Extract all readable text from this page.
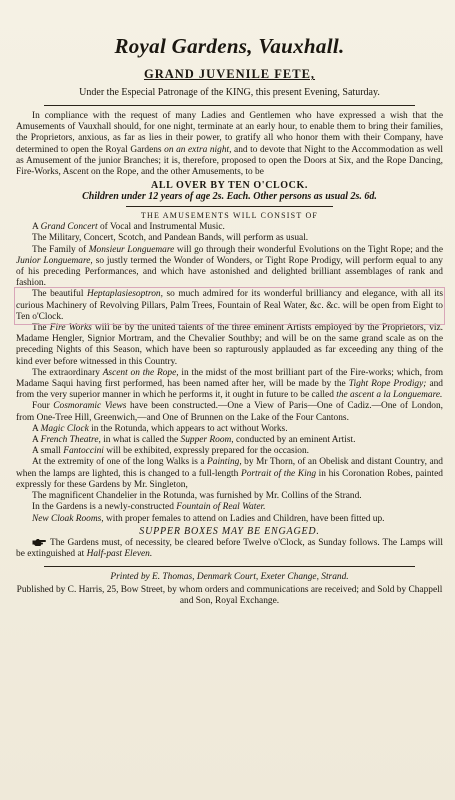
Royal Gardens, Vauxhall.
GRAND JUVENILE FETE,
Under the Especial Patronage of the KING, this present Evening, Saturday.

In compliance with the request of many Ladies and Gentlemen who have expressed a wish that the Amusements of Vauxhall should, for one night, terminate at an early hour, to enable them to bring their families, the Proprietors, anxious, as far as lies in their power, to gratify all who honor them with their Company, have determined to open the Royal Gardens on an extra night, and to devote that Night to the Accommodation as well as Amusement of the junior Branches; it is, therefore, proposed to open the Doors at Six, and the Rope Dancing, Fire-Works, Ascent on the Rope, and the other Amusements, to be

ALL OVER BY TEN O'CLOCK.
Children under 12 years of age 2s. Each. Other persons as usual 2s. 6d.
THE AMUSEMENTS WILL CONSIST OF

A Grand Concert of Vocal and Instrumental Music.

The Military, Concert, Scotch, and Pandean Bands, will perform as usual.

The Family of Monsieur Longuemare will go through their wonderful Evolutions on the Tight Rope; and the Junior Longuemare, so justly termed the Wonder of Wonders, or Tight Rope Prodigy, will perform equal to any of his preceding Performances, and which have astonished and delighted brilliant assemblages of rank and fashion.

The beautiful Heptaplasiesoptron, so much admired for its wonderful brilliancy and elegance, with all its curious Machinery of Revolving Pillars, Palm Trees, Fountain of Real Water, &c. &c. will be open from Eight to Ten o'Clock.

The Fire Works will be by the united talents of the three eminent Artists employed by the Proprietors, viz. Madame Hengler, Signior Mortram, and the Chevalier Southby; and will be on the same grand scale as on the preceding Nights of this Season, which have been so rapturously applauded as far exceeding any thing of the kind ever before witnessed in this Country.

The extraordinary Ascent on the Rope, in the midst of the most brilliant part of the Fire-works; which, from Madame Saqui having first performed, has been named after her, will be made by the Tight Rope Prodigy; and from the very superior manner in which he performs it, it ought in future to be called the ascent a la Longuemare.

Four Cosmoramic Views have been constructed.—One a View of Paris—One of Cadiz.—One of London, from One-Tree Hill, Greenwich,—and One of Brunnen on the Lake of the Four Cantons.

A Magic Clock in the Rotunda, which appears to act without Works.

A French Theatre, in what is called the Supper Room, conducted by an eminent Artist.

A small Fantoccini will be exhibited, expressly prepared for the occasion.

At the extremity of one of the long Walks is a Painting, by Mr Thorn, of an Obelisk and distant Country, and when the lamps are lighted, this is changed to a full-length Portrait of the King in his Coronation Robes, painted expressly for these Gardens by Mr. Singleton,

The magnificent Chandelier in the Rotunda, was furnished by Mr. Collins of the Strand.

In the Gardens is a newly-constructed Fountain of Real Water.

New Cloak Rooms, with proper females to attend on Ladies and Children, have been fitted up.

SUPPER BOXES MAY BE ENGAGED.

The Gardens must, of necessity, be cleared before Twelve o'Clock, as Sunday follows. The Lamps will be extinguished at Half-past Eleven.

Printed by E. Thomas, Denmark Court, Exeter Change, Strand.

Published by C. Harris, 25, Bow Street, by whom orders and communications are received; and Sold by Chappell and Son, Royal Exchange.
